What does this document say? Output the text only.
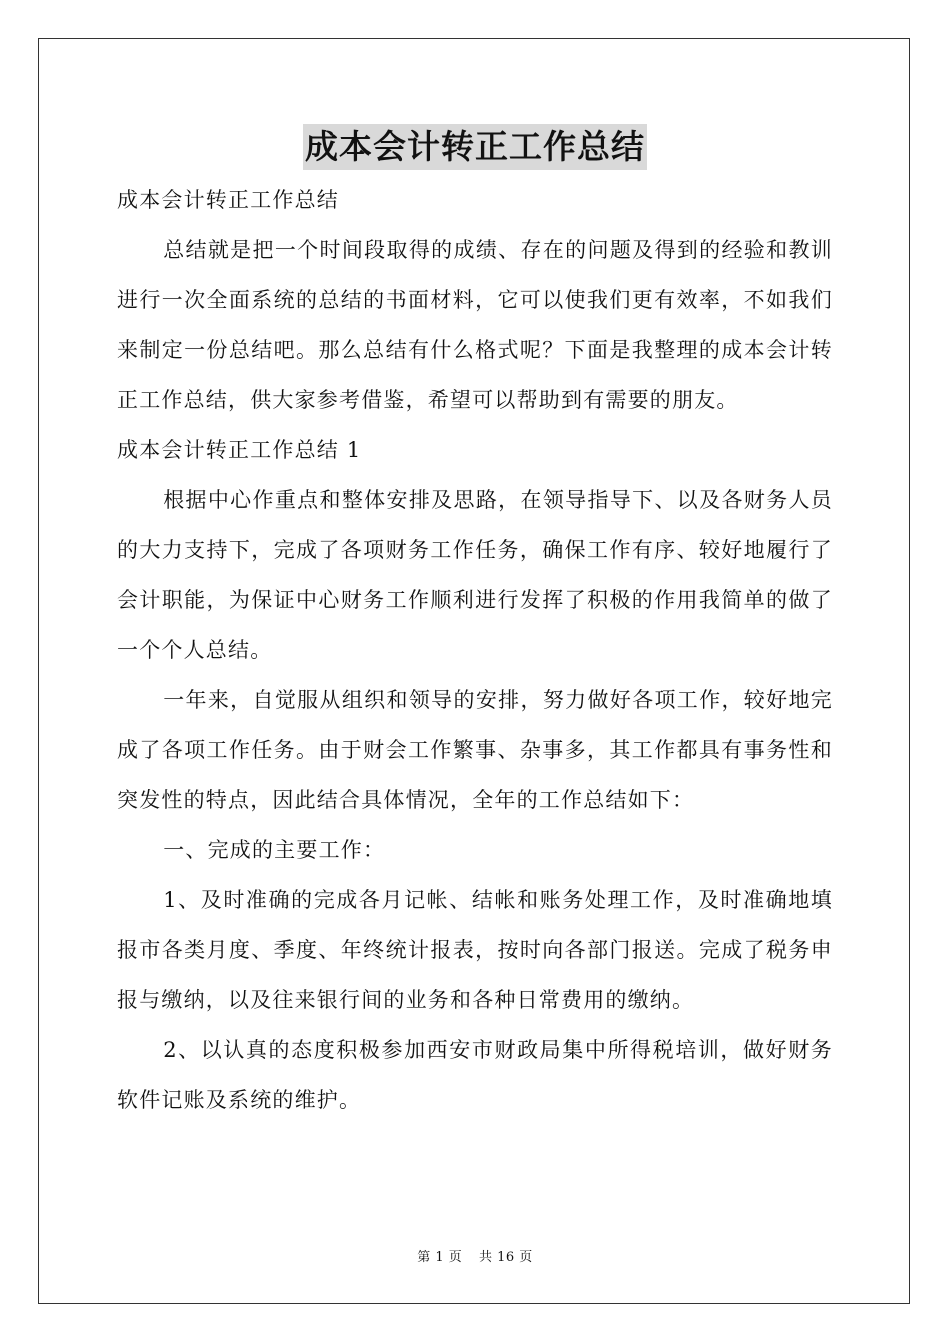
成本会计转正工作总结

成本会计转正工作总结

总结就是把一个时间段取得的成绩、存在的问题及得到的经验和教训进行一次全面系统的总结的书面材料，它可以使我们更有效率，不如我们来制定一份总结吧。那么总结有什么格式呢？下面是我整理的成本会计转正工作总结，供大家参考借鉴，希望可以帮助到有需要的朋友。

成本会计转正工作总结 1

根据中心作重点和整体安排及思路，在领导指导下、以及各财务人员的大力支持下，完成了各项财务工作任务，确保工作有序、较好地履行了会计职能，为保证中心财务工作顺利进行发挥了积极的作用我简单的做了一个个人总结。

一年来，自觉服从组织和领导的安排，努力做好各项工作，较好地完成了各项工作任务。由于财会工作繁事、杂事多，其工作都具有事务性和突发性的特点，因此结合具体情况，全年的工作总结如下：

一、完成的主要工作：

1、及时准确的完成各月记帐、结帐和账务处理工作，及时准确地填报市各类月度、季度、年终统计报表，按时向各部门报送。完成了税务申报与缴纳，以及往来银行间的业务和各种日常费用的缴纳。

2、以认真的态度积极参加西安市财政局集中所得税培训，做好财务软件记账及系统的维护。

第 1 页 共 16 页
